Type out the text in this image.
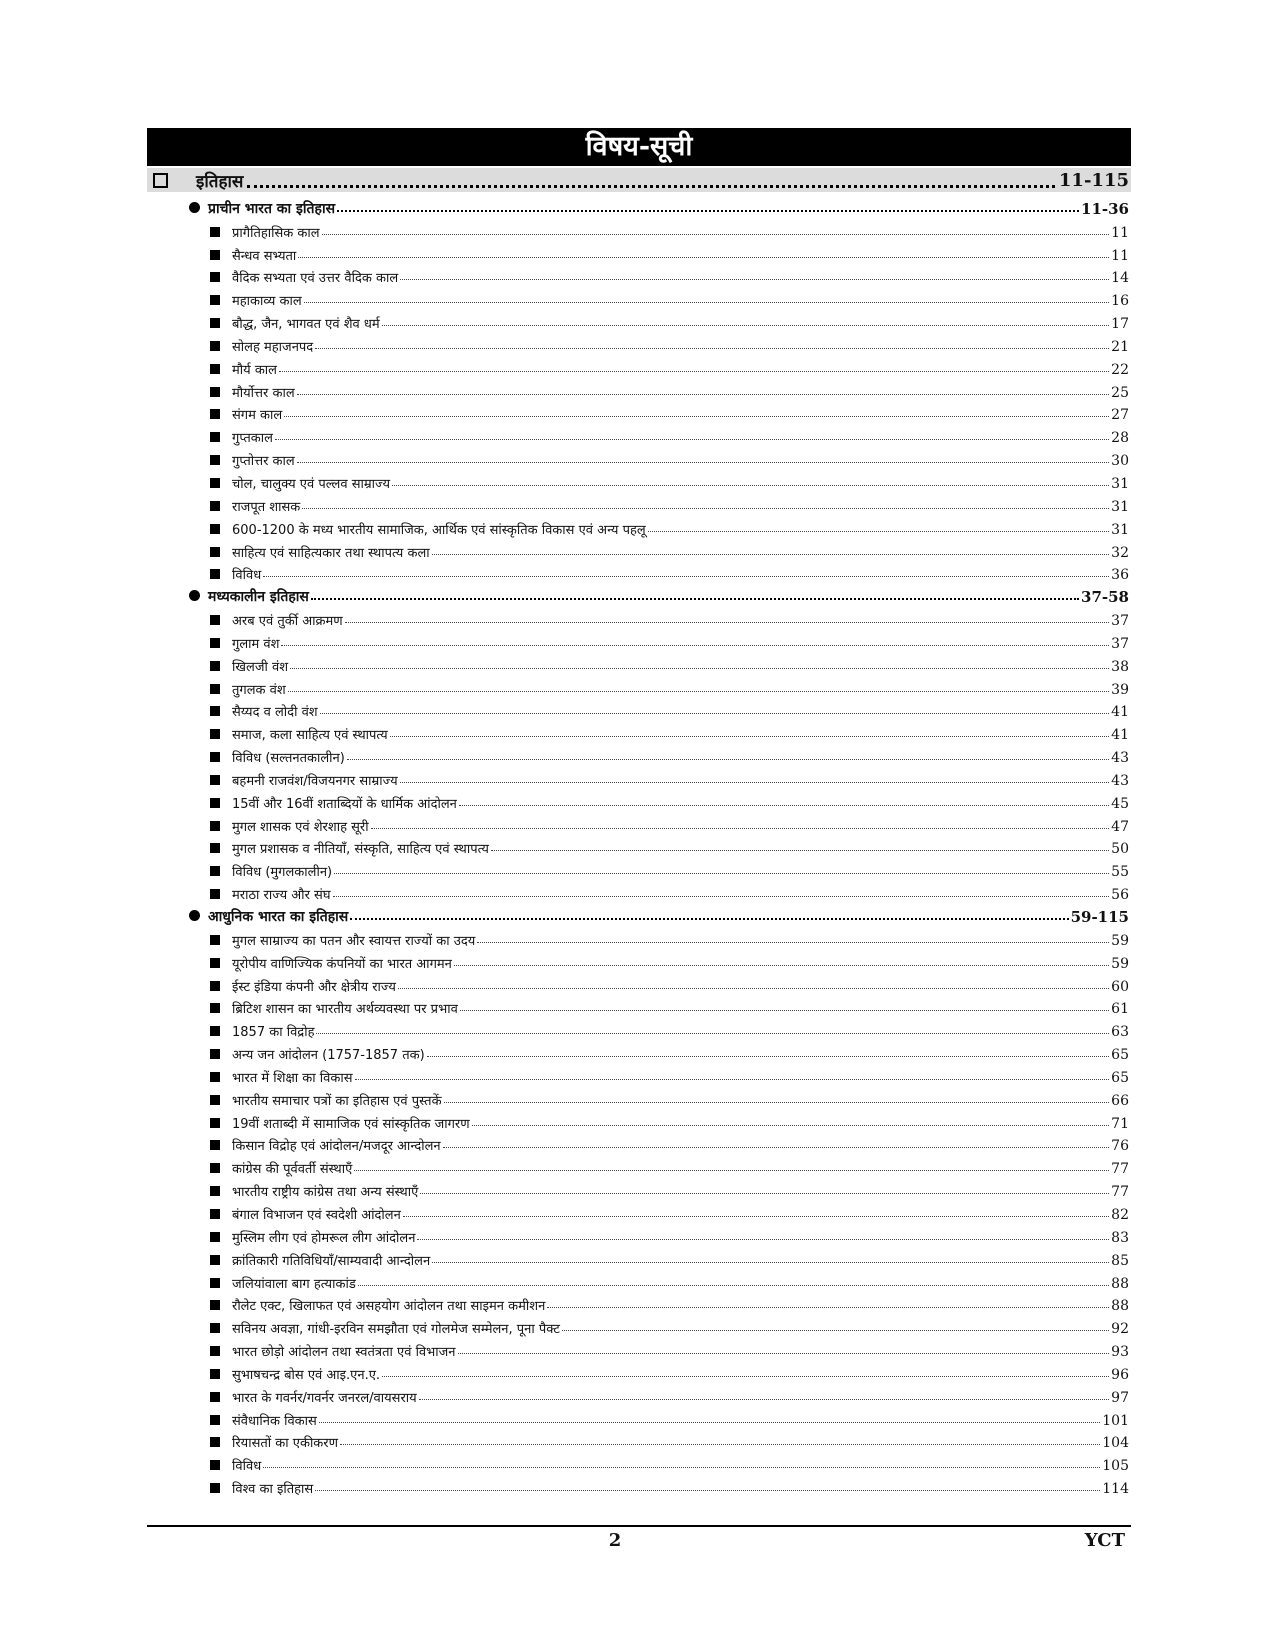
विषय-सूची
इतिहास	11-115
प्राचीन भारत का इतिहास	11-36
प्रागैतिहासिक काल	11
सैन्धव सभ्यता	11
वैदिक सभ्यता एवं उत्तर वैदिक काल	14
महाकाव्य काल	16
बौद्ध, जैन, भागवत एवं शैव धर्म	17
सोलह महाजनपद	21
मौर्य काल	22
मौर्योत्तर काल	25
संगम काल	27
गुप्तकाल	28
गुप्तोत्तर काल	30
चोल, चालुक्य एवं पल्लव साम्राज्य	31
राजपूत शासक	31
600-1200 के मध्य भारतीय सामाजिक, आर्थिक एवं सांस्कृतिक विकास एवं अन्य पहलू	31
साहित्य एवं साहित्यकार तथा स्थापत्य कला	32
विविध	36
मध्यकालीन इतिहास	37-58
अरब एवं तुर्की आक्रमण	37
गुलाम वंश	37
खिलजी वंश	38
तुगलक वंश	39
सैय्यद व लोदी वंश	41
समाज, कला साहित्य एवं स्थापत्य	41
विविध (सल्तनतकालीन)	43
बहमनी राजवंश/विजयनगर साम्राज्य	43
15वीं और 16वीं शताब्दियों के धार्मिक आंदोलन	45
मुगल शासक एवं शेरशाह सूरी	47
मुगल प्रशासक व नीतियाँ, संस्कृति, साहित्य एवं स्थापत्य	50
विविध (मुगलकालीन)	55
मराठा राज्य और संघ	56
आधुनिक भारत का इतिहास	59-115
मुगल साम्राज्य का पतन और स्वायत्त राज्यों का उदय	59
यूरोपीय वाणिज्यिक कंपनियों का भारत आगमन	59
ईस्ट इंडिया कंपनी और क्षेत्रीय राज्य	60
ब्रिटिश शासन का भारतीय अर्थव्यवस्था पर प्रभाव	61
1857 का विद्रोह	63
अन्य जन आंदोलन (1757-1857 तक)	65
भारत में शिक्षा का विकास	65
भारतीय समाचार पत्रों का इतिहास एवं पुस्तकें	66
19वीं शताब्दी में सामाजिक एवं सांस्कृतिक जागरण	71
किसान विद्रोह एवं आंदोलन/मजदूर आन्दोलन	76
कांग्रेस की पूर्ववर्ती संस्थाएँ	77
भारतीय राष्ट्रीय कांग्रेस तथा अन्य संस्थाएँ	77
बंगाल विभाजन एवं स्वदेशी आंदोलन	82
मुस्लिम लीग एवं होमरूल लीग आंदोलन	83
क्रांतिकारी गतिविधियाँ/साम्यवादी आन्दोलन	85
जलियांवाला बाग हत्याकांड	88
रौलेट एक्ट, खिलाफत एवं असहयोग आंदोलन तथा साइमन कमीशन	88
सविनय अवज्ञा, गांधी-इरविन समझौता एवं गोलमेज सम्मेलन, पूना पैक्ट	92
भारत छोड़ो आंदोलन तथा स्वतंत्रता एवं विभाजन	93
सुभाषचन्द्र बोस एवं आइ.एन.ए.	96
भारत के गवर्नर/गवर्नर जनरल/वायसराय	97
संवैधानिक विकास	101
रियासतों का एकीकरण	104
विविध	105
विश्व का इतिहास	114
2	YCT
